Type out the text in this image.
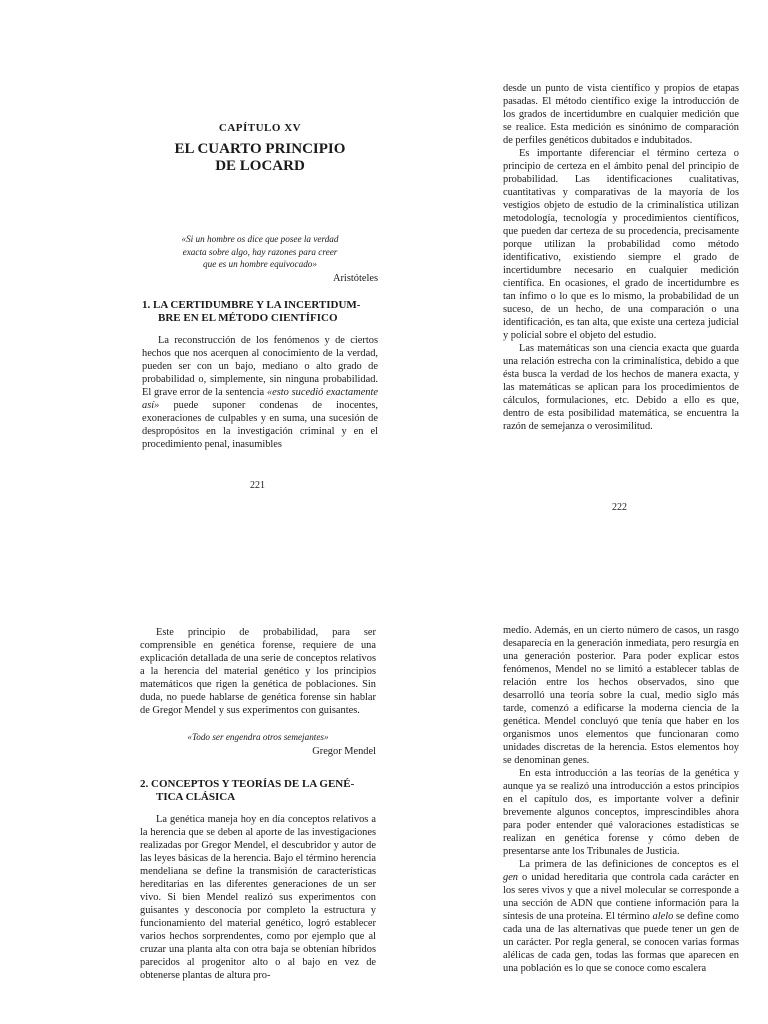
CAPÍTULO XV
EL CUARTO PRINCIPIO
DE LOCARD
«Si un hombre os dice que posee la verdad
exacta sobre algo, hay razones para creer
que es un hombre equivocado»
Aristóteles
1. LA CERTIDUMBRE Y LA INCERTIDUM-
BRE EN EL MÉTODO CIENTÍFICO

La reconstrucción de los fenómenos y de ciertos hechos que nos acerquen al conocimiento de la verdad, pueden ser con un bajo, mediano o alto grado de probabilidad o, simplemente, sin ninguna probabilidad. El grave error de la sentencia «esto sucedió exactamente así» puede suponer condenas de inocentes, exoneraciones de culpables y en suma, una sucesión de despropósitos en la investigación criminal y en el procedimiento penal, inasumibles

221

desde un punto de vista científico y propios de etapas pasadas. El método científico exige la introducción de los grados de incertidumbre en cualquier medición que se realice. Esta medición es sinónimo de comparación de perfiles genéticos dubitados e indubitados.

Es importante diferenciar el término certeza o principio de certeza en el ámbito penal del principio de probabilidad. Las identificaciones cualitativas, cuantitativas y comparativas de la mayoría de los vestigios objeto de estudio de la criminalística utilizan metodología, tecnología y procedimientos científicos, que pueden dar certeza de su procedencia, precisamente porque utilizan la probabilidad como método identificativo, existiendo siempre el grado de incertidumbre necesario en cualquier medición científica. En ocasiones, el grado de incertidumbre es tan ínfimo o lo que es lo mismo, la probabilidad de un suceso, de un hecho, de una comparación o una identificación, es tan alta, que existe una certeza judicial y policial sobre el objeto del estudio.

Las matemáticas son una ciencia exacta que guarda una relación estrecha con la criminalística, debido a que ésta busca la verdad de los hechos de manera exacta, y las matemáticas se aplican para los procedimientos de cálculos, formulaciones, etc. Debido a ello es que, dentro de esta posibilidad matemática, se encuentra la razón de semejanza o verosimilitud.

222

Este principio de probabilidad, para ser comprensible en genética forense, requiere de una explicación detallada de una serie de conceptos relativos a la herencia del material genético y los principios matemáticos que rigen la genética de poblaciones. Sin duda, no puede hablarse de genética forense sin hablar de Gregor Mendel y sus experimentos con guisantes.

«Todo ser engendra otros semejantes»
Gregor Mendel
2. CONCEPTOS Y TEORÍAS DE LA GENÉ-
TICA CLÁSICA

La genética maneja hoy en día conceptos relativos a la herencia que se deben al aporte de las investigaciones realizadas por Gregor Mendel, el descubridor y autor de las leyes básicas de la herencia. Bajo el término herencia mendeliana se define la transmisión de características hereditarias en las diferentes generaciones de un ser vivo. Si bien Mendel realizó sus experimentos con guisantes y desconocía por completo la estructura y funcionamiento del material genético, logró establecer varios hechos sorprendentes, como por ejemplo que al cruzar una planta alta con otra baja se obtenían híbridos parecidos al progenitor alto o al bajo en vez de obtenerse plantas de altura pro-

medio. Además, en un cierto número de casos, un rasgo desaparecía en la generación inmediata, pero resurgía en una generación posterior. Para poder explicar estos fenómenos, Mendel no se limitó a establecer tablas de relación entre los hechos observados, sino que desarrolló una teoría sobre la cual, medio siglo más tarde, comenzó a edificarse la moderna ciencia de la genética. Mendel concluyó que tenía que haber en los organismos unos elementos que funcionaran como unidades discretas de la herencia. Estos elementos hoy se denominan genes.

En esta introducción a las teorías de la genética y aunque ya se realizó una introducción a estos principios en el capítulo dos, es importante volver a definir brevemente algunos conceptos, imprescindibles ahora para poder entender qué valoraciones estadísticas se realizan en genética forense y cómo deben de presentarse ante los Tribunales de Justicia.

La primera de las definiciones de conceptos es el gen o unidad hereditaria que controla cada carácter en los seres vivos y que a nivel molecular se corresponde a una sección de ADN que contiene información para la síntesis de una proteína. El término alelo se define como cada una de las alternativas que puede tener un gen de un carácter. Por regla general, se conocen varias formas alélicas de cada gen, todas las formas que aparecen en una población es lo que se conoce como escalera
